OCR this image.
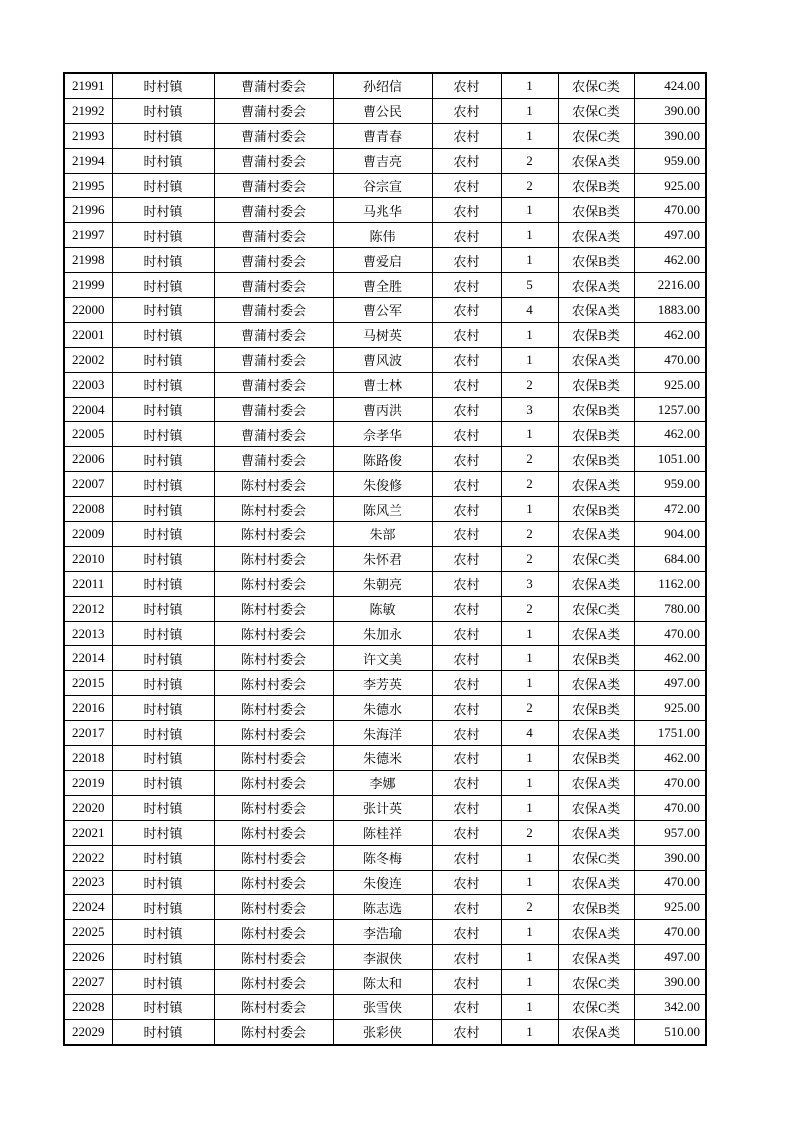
21991	时村镇	曹蒲村委会	孙绍信	农村	1	农保C类	424.00
21992	时村镇	曹蒲村委会	曹公民	农村	1	农保C类	390.00
21993	时村镇	曹蒲村委会	曹青春	农村	1	农保C类	390.00
21994	时村镇	曹蒲村委会	曹吉亮	农村	2	农保A类	959.00
21995	时村镇	曹蒲村委会	谷宗宣	农村	2	农保B类	925.00
21996	时村镇	曹蒲村委会	马兆华	农村	1	农保B类	470.00
21997	时村镇	曹蒲村委会	陈伟	农村	1	农保A类	497.00
21998	时村镇	曹蒲村委会	曹爱启	农村	1	农保B类	462.00
21999	时村镇	曹蒲村委会	曹全胜	农村	5	农保A类	2216.00
22000	时村镇	曹蒲村委会	曹公军	农村	4	农保A类	1883.00
22001	时村镇	曹蒲村委会	马树英	农村	1	农保B类	462.00
22002	时村镇	曹蒲村委会	曹风波	农村	1	农保A类	470.00
22003	时村镇	曹蒲村委会	曹士林	农村	2	农保B类	925.00
22004	时村镇	曹蒲村委会	曹丙洪	农村	3	农保B类	1257.00
22005	时村镇	曹蒲村委会	佘孝华	农村	1	农保B类	462.00
22006	时村镇	曹蒲村委会	陈路俊	农村	2	农保B类	1051.00
22007	时村镇	陈村村委会	朱俊修	农村	2	农保A类	959.00
22008	时村镇	陈村村委会	陈风兰	农村	1	农保B类	472.00
22009	时村镇	陈村村委会	朱部	农村	2	农保A类	904.00
22010	时村镇	陈村村委会	朱怀君	农村	2	农保C类	684.00
22011	时村镇	陈村村委会	朱朝亮	农村	3	农保A类	1162.00
22012	时村镇	陈村村委会	陈敏	农村	2	农保C类	780.00
22013	时村镇	陈村村委会	朱加永	农村	1	农保A类	470.00
22014	时村镇	陈村村委会	许文美	农村	1	农保B类	462.00
22015	时村镇	陈村村委会	李芳英	农村	1	农保A类	497.00
22016	时村镇	陈村村委会	朱德水	农村	2	农保B类	925.00
22017	时村镇	陈村村委会	朱海洋	农村	4	农保A类	1751.00
22018	时村镇	陈村村委会	朱德米	农村	1	农保B类	462.00
22019	时村镇	陈村村委会	李娜	农村	1	农保A类	470.00
22020	时村镇	陈村村委会	张计英	农村	1	农保A类	470.00
22021	时村镇	陈村村委会	陈桂祥	农村	2	农保A类	957.00
22022	时村镇	陈村村委会	陈冬梅	农村	1	农保C类	390.00
22023	时村镇	陈村村委会	朱俊连	农村	1	农保A类	470.00
22024	时村镇	陈村村委会	陈志选	农村	2	农保B类	925.00
22025	时村镇	陈村村委会	李浩瑜	农村	1	农保A类	470.00
22026	时村镇	陈村村委会	李淑侠	农村	1	农保A类	497.00
22027	时村镇	陈村村委会	陈太和	农村	1	农保C类	390.00
22028	时村镇	陈村村委会	张雪侠	农村	1	农保C类	342.00
22029	时村镇	陈村村委会	张彩侠	农村	1	农保A类	510.00
